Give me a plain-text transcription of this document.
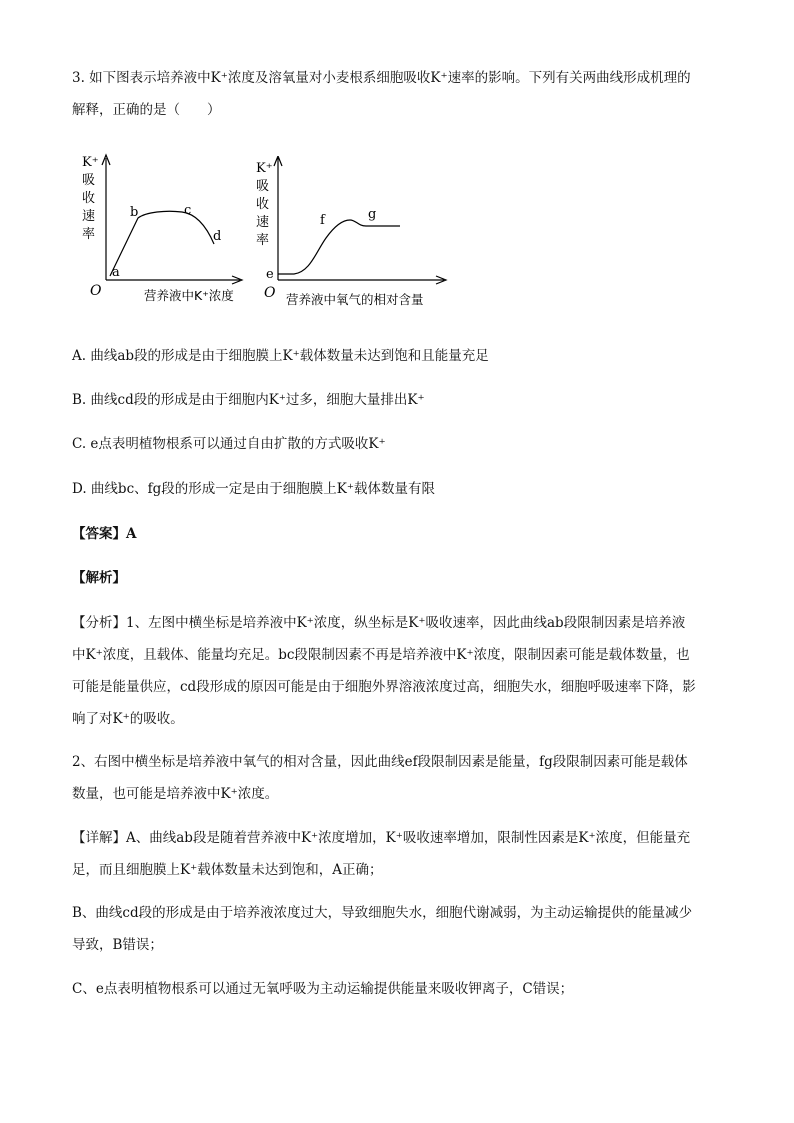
3. 如下图表示培养液中K⁺浓度及溶氧量对小麦根系细胞吸收K⁺速率的影响。下列有关两曲线形成机理的
解释，正确的是（　　）
K⁺
吸
收
速
率
O
a
b	c
d
营养液中K⁺浓度
K⁺
吸
收
速
率
O
e
f	g
营养液中氧气的相对含量
A. 曲线ab段的形成是由于细胞膜上K⁺载体数量未达到饱和且能量充足
B. 曲线cd段的形成是由于细胞内K⁺过多，细胞大量排出K⁺
C. e点表明植物根系可以通过自由扩散的方式吸收K⁺
D. 曲线bc、fg段的形成一定是由于细胞膜上K⁺载体数量有限
【答案】A
【解析】
【分析】1、左图中横坐标是培养液中K⁺浓度，纵坐标是K⁺吸收速率，因此曲线ab段限制因素是培养液
中K⁺浓度，且载体、能量均充足。bc段限制因素不再是培养液中K⁺浓度，限制因素可能是载体数量，也
可能是能量供应，cd段形成的原因可能是由于细胞外界溶液浓度过高，细胞失水，细胞呼吸速率下降，影
响了对K⁺的吸收。
2、右图中横坐标是培养液中氧气的相对含量，因此曲线ef段限制因素是能量，fg段限制因素可能是载体
数量，也可能是培养液中K⁺浓度。
【详解】A、曲线ab段是随着营养液中K⁺浓度增加，K⁺吸收速率增加，限制性因素是K⁺浓度，但能量充
足，而且细胞膜上K⁺载体数量未达到饱和，A正确；
B、曲线cd段的形成是由于培养液浓度过大，导致细胞失水，细胞代谢减弱，为主动运输提供的能量减少
导致，B错误；
C、e点表明植物根系可以通过无氧呼吸为主动运输提供能量来吸收钾离子，C错误；
